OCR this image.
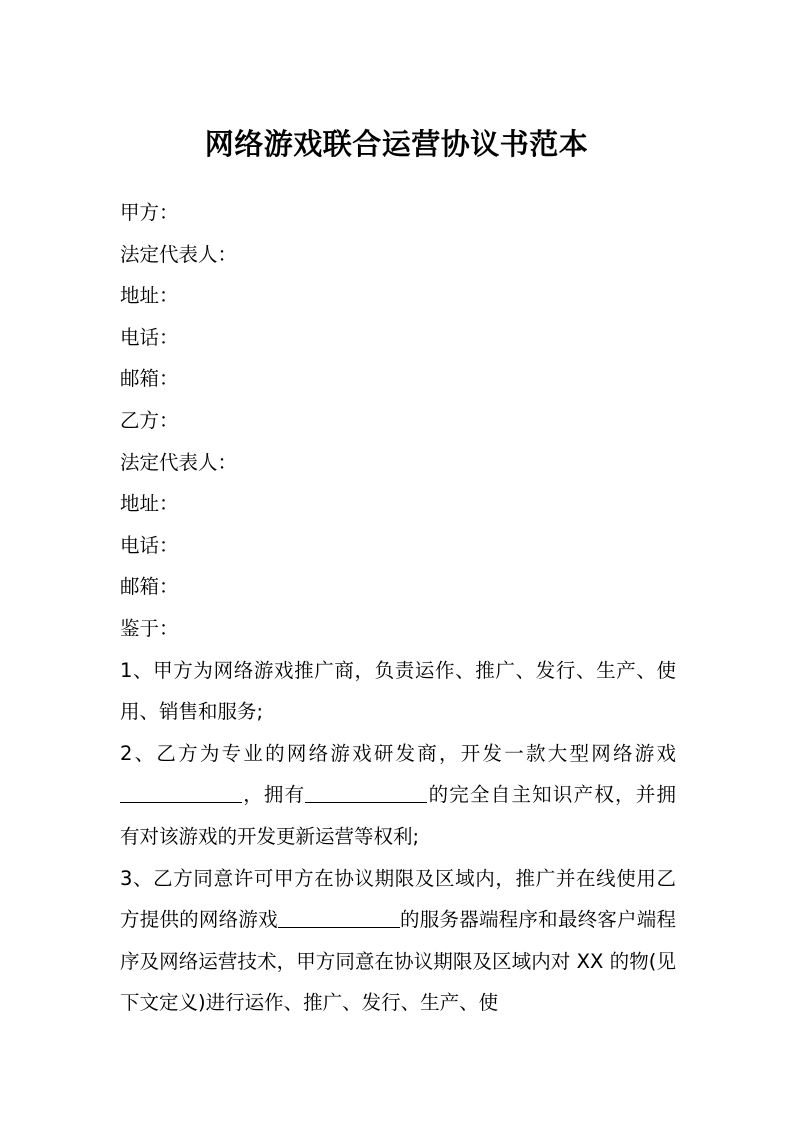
网络游戏联合运营协议书范本
甲方：
法定代表人：
地址：
电话：
邮箱：
乙方：
法定代表人：
地址：
电话：
邮箱：
鉴于：

1、甲方为网络游戏推广商，负责运作、推广、发行、生产、使用、销售和服务;

2、乙方为专业的网络游戏研发商，开发一款大型网络游戏，拥有	的完全自主知识产权，并拥有对该游戏的开发更新运营等权利;

3、乙方同意许可甲方在协议期限及区域内，推广并在线使用乙方提供的网络游戏	的服务器端程序和最终客户端程序及网络运营技术，甲方同意在协议期限及区域内对 XX 的物(见下文定义)进行运作、推广、发行、生产、使
